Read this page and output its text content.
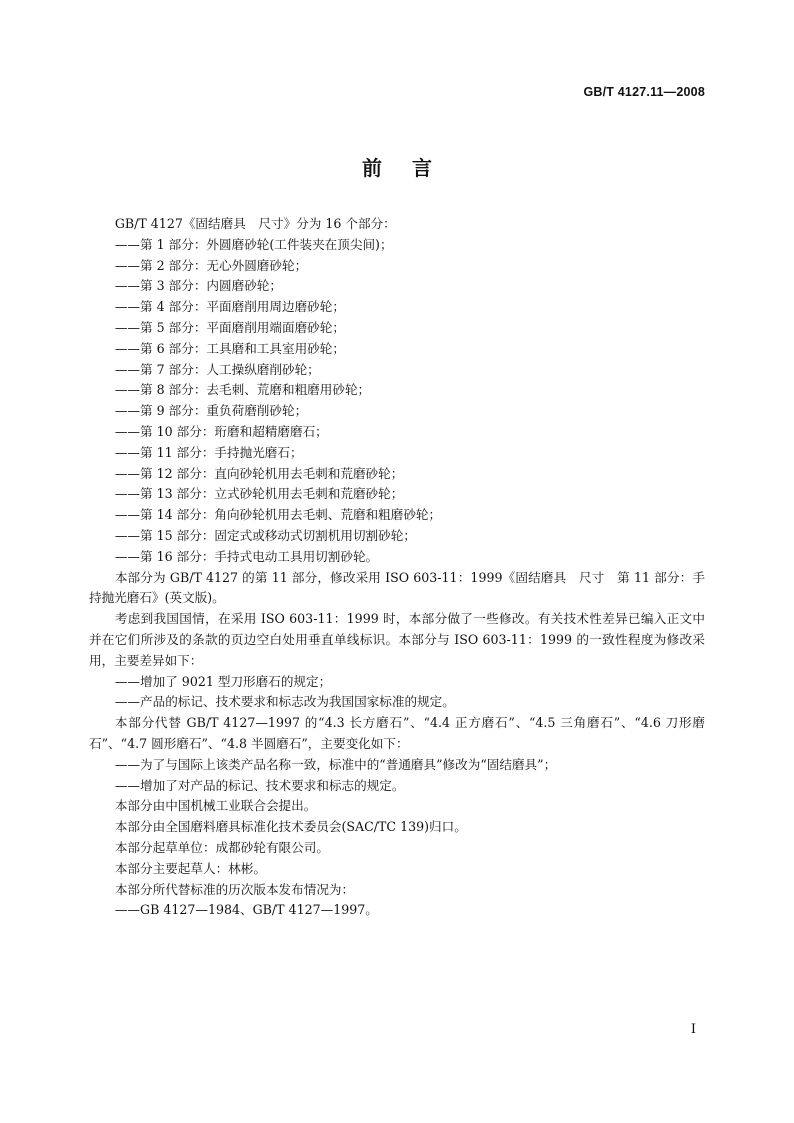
GB/T 4127.11—2008
前言

GB/T 4127《固结磨具　尺寸》分为 16 个部分：

——第 1 部分：外圆磨砂轮(工件装夹在顶尖间)；

——第 2 部分：无心外圆磨砂轮；

——第 3 部分：内圆磨砂轮；

——第 4 部分：平面磨削用周边磨砂轮；

——第 5 部分：平面磨削用端面磨砂轮；

——第 6 部分：工具磨和工具室用砂轮；

——第 7 部分：人工操纵磨削砂轮；

——第 8 部分：去毛刺、荒磨和粗磨用砂轮；

——第 9 部分：重负荷磨削砂轮；

——第 10 部分：珩磨和超精磨磨石；

——第 11 部分：手持抛光磨石；

——第 12 部分：直向砂轮机用去毛刺和荒磨砂轮；

——第 13 部分：立式砂轮机用去毛刺和荒磨砂轮；

——第 14 部分：角向砂轮机用去毛刺、荒磨和粗磨砂轮；

——第 15 部分：固定式或移动式切割机用切割砂轮；

——第 16 部分：手持式电动工具用切割砂轮。

本部分为 GB/T 4127 的第 11 部分，修改采用 ISO 603-11：1999《固结磨具　尺寸　第 11 部分：手持抛光磨石》(英文版)。

考虑到我国国情，在采用 ISO 603-11：1999 时，本部分做了一些修改。有关技术性差异已编入正文中并在它们所涉及的条款的页边空白处用垂直单线标识。本部分与 ISO 603-11：1999 的一致性程度为修改采用，主要差异如下：

——增加了 9021 型刀形磨石的规定；

——产品的标记、技术要求和标志改为我国国家标准的规定。

本部分代替 GB/T 4127—1997 的“4.3 长方磨石”、“4.4 正方磨石”、“4.5 三角磨石”、“4.6 刀形磨石”、“4.7 圆形磨石”、“4.8 半圆磨石”，主要变化如下：

——为了与国际上该类产品名称一致，标准中的“普通磨具”修改为“固结磨具”；

——增加了对产品的标记、技术要求和标志的规定。

本部分由中国机械工业联合会提出。

本部分由全国磨料磨具标准化技术委员会(SAC/TC 139)归口。

本部分起草单位：成都砂轮有限公司。

本部分主要起草人：林彬。

本部分所代替标准的历次版本发布情况为：

——GB 4127—1984、GB/T 4127—1997。

I
